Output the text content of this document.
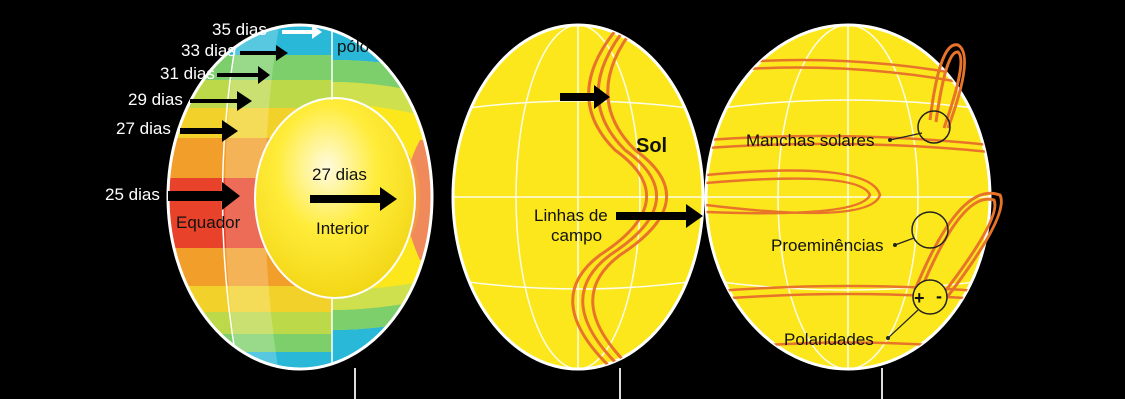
+ -
Manchas solares
Proeminências
Polaridades
Sol
Linhas de
campo
pólo
Equador
27 dias
Interior
35 dias
33 dias
31 dias
29 dias
27 dias
25 dias
